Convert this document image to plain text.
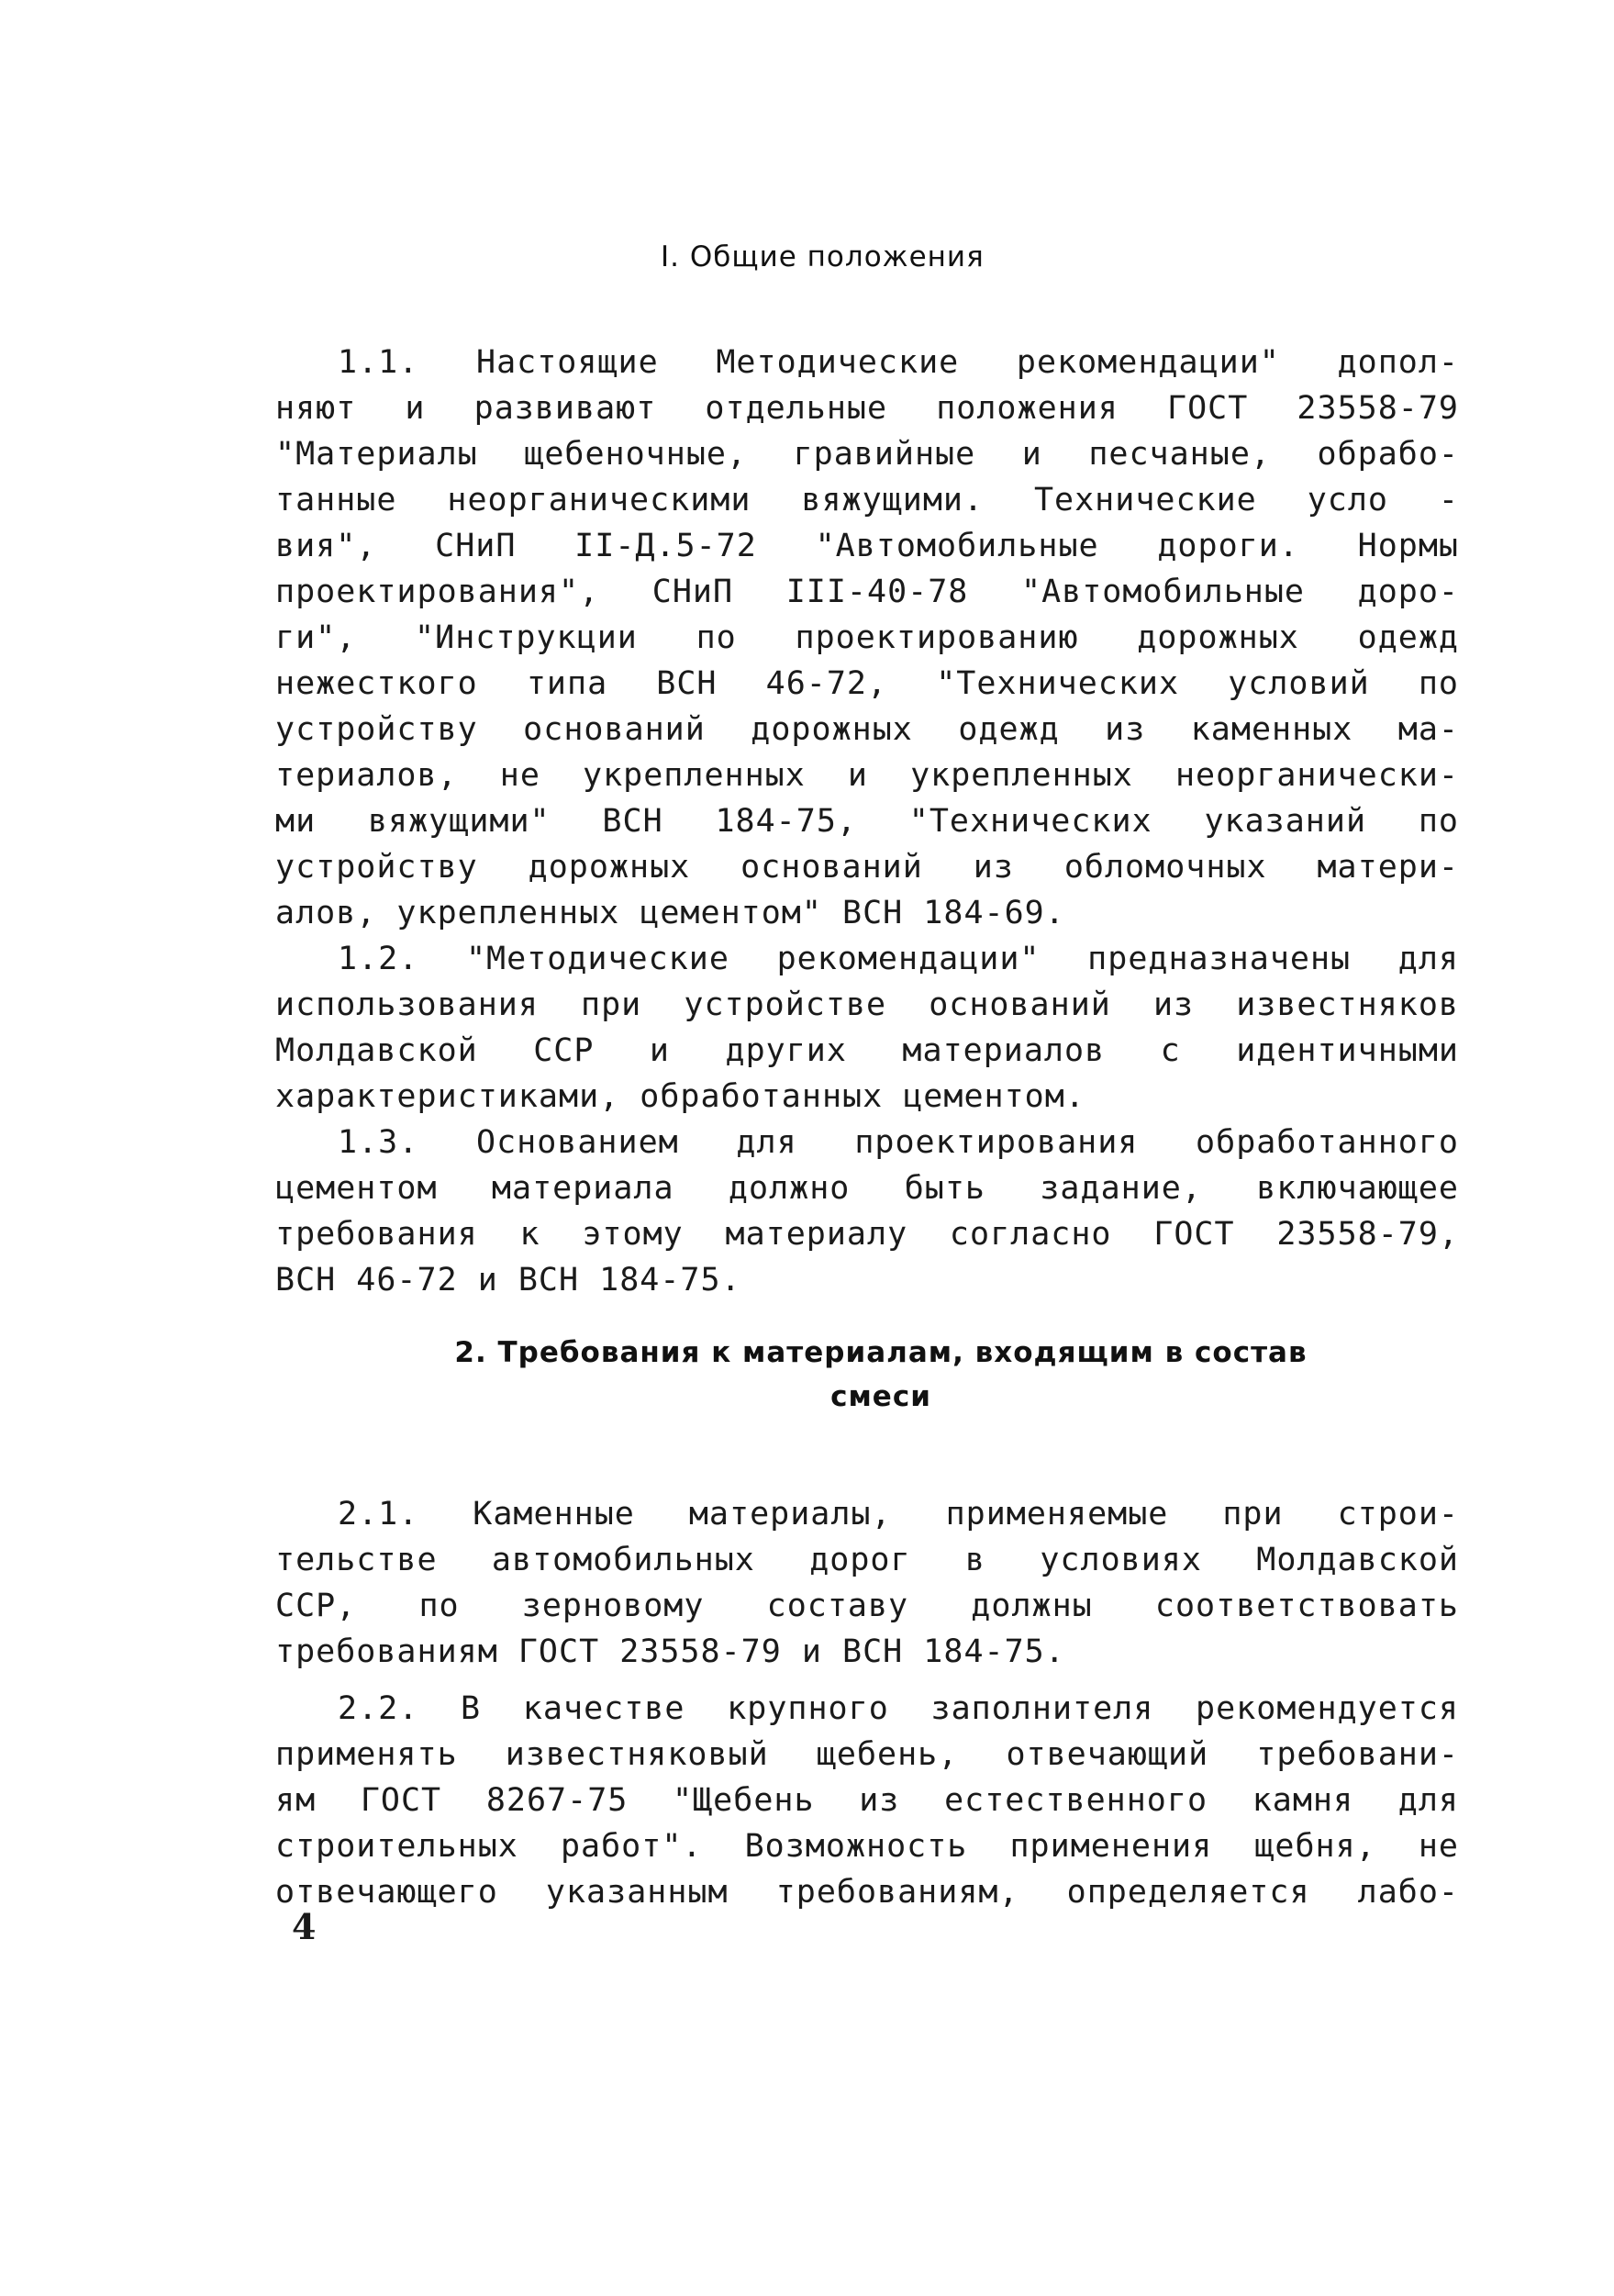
І. Общие положения
1.1. Настоящие Методические рекомендации" допол-
няют и развивают отдельные положения ГОСТ 23558-79
"Материалы щебеночные, гравийные и песчаные, обрабо-
танные неорганическими вяжущими. Технические усло -
вия", СНиП II-Д.5-72 "Автомобильные дороги. Нормы
проектирования", СНиП III-40-78 "Автомобильные доро-
ги", "Инструкции по проектированию дорожных одежд
нежесткого типа ВСН 46-72, "Технических условий по
устройству оснований дорожных одежд из каменных ма-
териалов, не укрепленных и укрепленных неорганически-
ми вяжущими" ВСН 184-75, "Технических указаний по
устройству дорожных оснований из обломочных матери-
алов, укрепленных цементом" ВСН 184-69.
1.2. "Методические рекомендации" предназначены для
использования при устройстве оснований из известняков
Молдавской ССР и других материалов с идентичными
характеристиками, обработанных цементом.
1.3. Основанием для проектирования обработанного
цементом материала должно быть задание, включающее
требования к этому материалу согласно ГОСТ 23558-79,
ВСН 46-72 и ВСН 184-75.
2. Требования к материалам, входящим в состав
смеси
2.1. Каменные материалы, применяемые при строи-
тельстве автомобильных дорог в условиях Молдавской
ССР, по зерновому составу должны соответствовать
требованиям ГОСТ 23558-79 и ВСН 184-75.
2.2. В качестве крупного заполнителя рекомендуется
применять известняковый щебень, отвечающий требовани-
ям ГОСТ 8267-75 "Щебень из естественного камня для
строительных работ". Возможность применения щебня, не
отвечающего указанным требованиям, определяется лабо-
4
